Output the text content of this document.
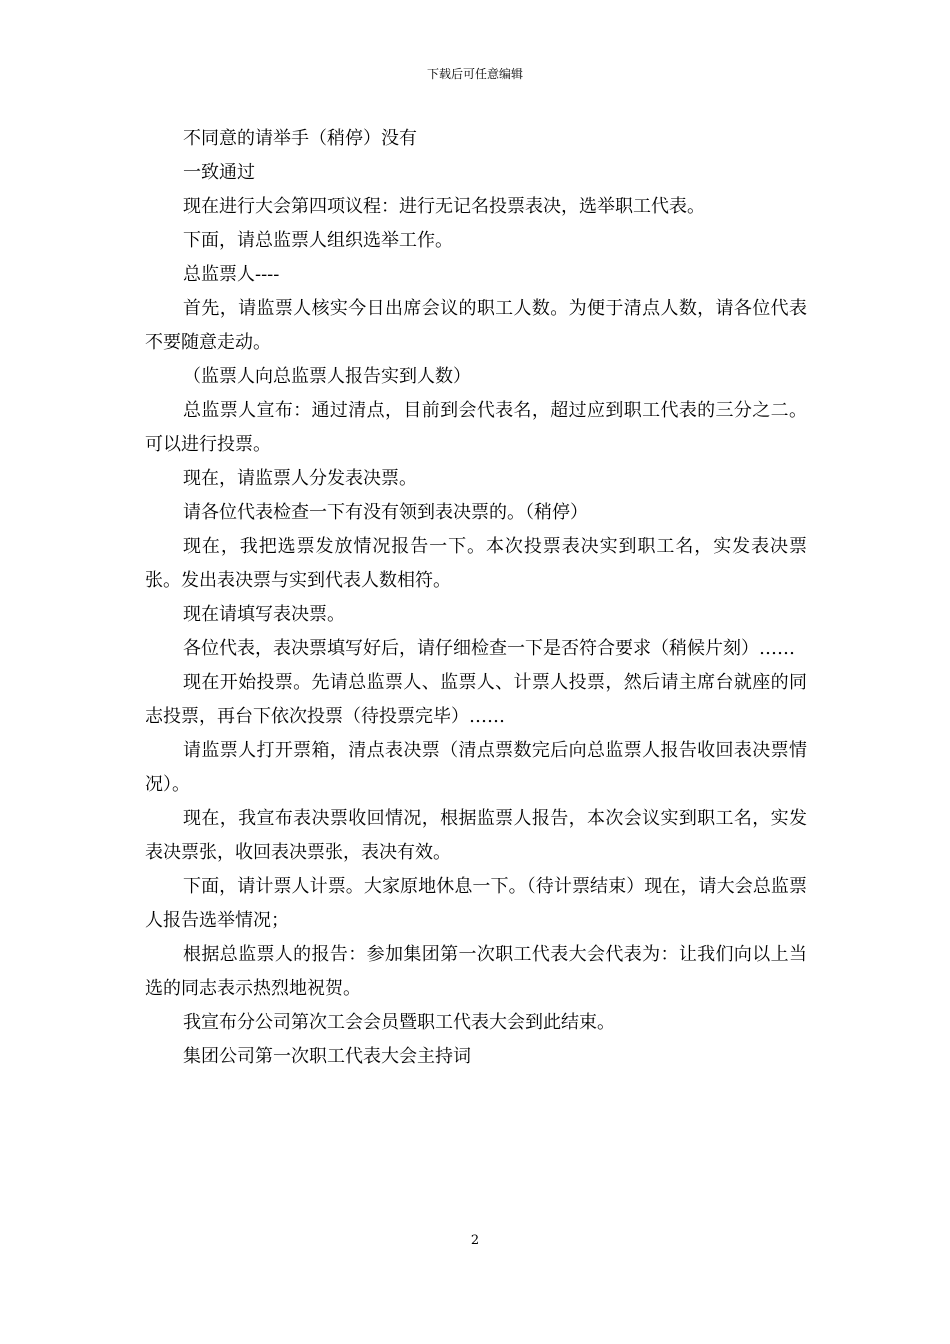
下载后可任意编辑

不同意的请举手（稍停）没有

一致通过

现在进行大会第四项议程：进行无记名投票表决，选举职工代表。

下面，请总监票人组织选举工作。

总监票人----

首先，请监票人核实今日出席会议的职工人数。为便于清点人数，请各位代表不要随意走动。

（监票人向总监票人报告实到人数）

总监票人宣布：通过清点，目前到会代表名，超过应到职工代表的三分之二。可以进行投票。

现在，请监票人分发表决票。

请各位代表检查一下有没有领到表决票的。（稍停）

现在，我把选票发放情况报告一下。本次投票表决实到职工名，实发表决票张。发出表决票与实到代表人数相符。

现在请填写表决票。

各位代表，表决票填写好后，请仔细检查一下是否符合要求（稍候片刻）……

现在开始投票。先请总监票人、监票人、计票人投票，然后请主席台就座的同志投票，再台下依次投票（待投票完毕）……

请监票人打开票箱，清点表决票（清点票数完后向总监票人报告收回表决票情况）。

现在，我宣布表决票收回情况，根据监票人报告，本次会议实到职工名，实发表决票张，收回表决票张，表决有效。

下面，请计票人计票。大家原地休息一下。（待计票结束）现在，请大会总监票人报告选举情况；

根据总监票人的报告：参加集团第一次职工代表大会代表为：让我们向以上当选的同志表示热烈地祝贺。

我宣布分公司第次工会会员暨职工代表大会到此结束。

集团公司第一次职工代表大会主持词

2
